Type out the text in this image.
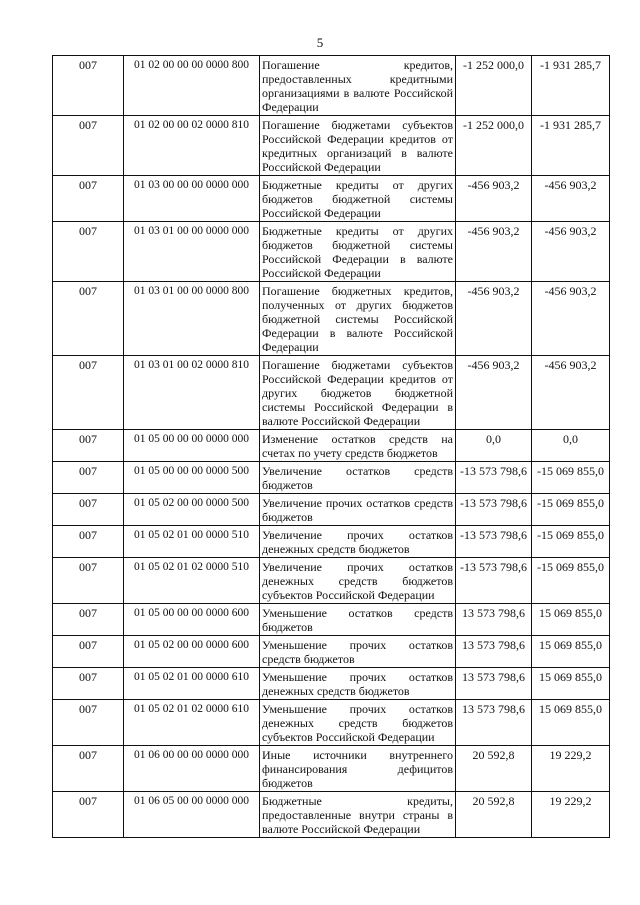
5
007	01 02 00 00 00 0000 800	Погашение кредитов, предоставленных кредитными организациями в валюте Российской Федерации	-1 252 000,0	-1 931 285,7
007	01 02 00 00 02 0000 810	Погашение бюджетами субъектов Российской Федерации кредитов от кредитных организаций в валюте Российской Федерации	-1 252 000,0	-1 931 285,7
007	01 03 00 00 00 0000 000	Бюджетные кредиты от других бюджетов бюджетной системы Российской Федерации	-456 903,2	-456 903,2
007	01 03 01 00 00 0000 000	Бюджетные кредиты от других бюджетов бюджетной системы Российской Федерации в валюте Российской Федерации	-456 903,2	-456 903,2
007	01 03 01 00 00 0000 800	Погашение бюджетных кредитов, полученных от других бюджетов бюджетной системы Российской Федерации в валюте Российской Федерации	-456 903,2	-456 903,2
007	01 03 01 00 02 0000 810	Погашение бюджетами субъектов Российской Федерации кредитов от других бюджетов бюджетной системы Российской Федерации в валюте Российской Федерации	-456 903,2	-456 903,2
007	01 05 00 00 00 0000 000	Изменение остатков средств на счетах по учету средств бюджетов	0,0	0,0
007	01 05 00 00 00 0000 500	Увеличение остатков средств бюджетов	-13 573 798,6	-15 069 855,0
007	01 05 02 00 00 0000 500	Увеличение прочих остатков средств бюджетов	-13 573 798,6	-15 069 855,0
007	01 05 02 01 00 0000 510	Увеличение прочих остатков денежных средств бюджетов	-13 573 798,6	-15 069 855,0
007	01 05 02 01 02 0000 510	Увеличение прочих остатков денежных средств бюджетов субъектов Российской Федерации	-13 573 798,6	-15 069 855,0
007	01 05 00 00 00 0000 600	Уменьшение остатков средств бюджетов	13 573 798,6	15 069 855,0
007	01 05 02 00 00 0000 600	Уменьшение прочих остатков средств бюджетов	13 573 798,6	15 069 855,0
007	01 05 02 01 00 0000 610	Уменьшение прочих остатков денежных средств бюджетов	13 573 798,6	15 069 855,0
007	01 05 02 01 02 0000 610	Уменьшение прочих остатков денежных средств бюджетов субъектов Российской Федерации	13 573 798,6	15 069 855,0
007	01 06 00 00 00 0000 000	Иные источники внутреннего финансирования дефицитов бюджетов	20 592,8	19 229,2
007	01 06 05 00 00 0000 000	Бюджетные кредиты, предоставленные внутри страны в валюте Российской Федерации	20 592,8	19 229,2
